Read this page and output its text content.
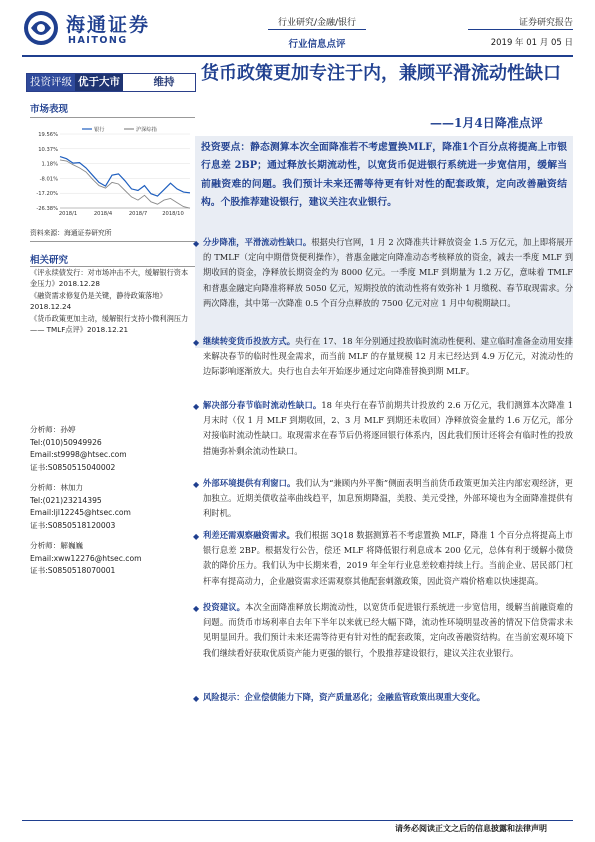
海通证券
HAITONG
行业研究/金融/银行
行业信息点评
证券研究报告
2019 年 01 月 05 日
投资评级 优于大市	维持
市场表现
19.56%
10.37%
1.18%
-8.01%
-17.20%
-26.38%
2018/1	2018/4	2018/7	2018/10
银行	沪深综指
资料来源：海通证券研究所
相关研究
《评永续债发行：对市场冲击不大，缓解银行资本金压力》2018.12.28
《融资需求修复仍是关键，静待政策落地》2018.12.24
《货币政策更加主动，缓解银行支持小微利润压力—— TMLF点评》2018.12.21
分析师：孙婷
Tel:(010)50949926
Email:st9998@htsec.com
证书:S0850515040002
分析师：林加力
Tel:(021)23214395
Email:ljl12245@htsec.com
证书:S0850518120003
分析师：解巍巍
Email:xww12276@htsec.com
证书:S0850518070001
货币政策更加专注于内，兼顾平滑流动性缺口
——1月4日降准点评

投资要点：静态测算本次全面降准若不考虑置换MLF，降准1个百分点将提高上市银行息差 2BP；通过释放长期流动性，以宽货币促进银行系统进一步宽信用，缓解当前融资难的问题。我们预计未来还需等待更有针对性的配套政策，定向改善融资结构。个股推荐建设银行，建议关注农业银行。

◆ 分步降准，平滑流动性缺口。根据央行官网，1 月 2 次降准共计释放资金 1.5 万亿元，加上即将展开的 TMLF（定向中期借贷便利操作），普惠金融定向降准动态考核释放的资金，减去一季度 MLF 到期收回的资金，净释放长期资金约为 8000 亿元。一季度 MLF 到期量为 1.2 万亿，意味着 TMLF 和普惠金融定向降准将释放 5050 亿元，短期投放的流动性将有效弥补 1 月缴税、春节取现需求。分两次降准，其中第一次降准 0.5 个百分点释放的 7500 亿元对应 1 月中旬税期缺口。
◆ 继续转变货币投放方式。央行在 17、18 年分别通过投放临时流动性便利、建立临时准备金动用安排来解决春节的临时性现金需求，而当前 MLF 的存量规模 12 月末已经达到 4.9 万亿元，对流动性的边际影响逐渐放大。央行也自去年开始逐步通过定向降准替换到期 MLF。
◆ 解决部分春节临时流动性缺口。18 年央行在春节前期共计投放约 2.6 万亿元，我们测算本次降准 1 月末时（仅 1 月 MLF 到期收回，2、3 月 MLF 到期还未收回）净释放资金量约 1.6 万亿元，部分对接临时流动性缺口。取现需求在春节后仍将逐回银行体系内，因此我们预计还将会有临时性的投放措施弥补剩余流动性缺口。
◆ 外部环境提供有利窗口。我们认为“兼顾内外平衡”侧面表明当前货币政策更加关注内部宏观经济，更加独立。近期美债收益率曲线趋平，加息预期降温，美股、美元受挫，外部环境也为全面降准提供有利时机。
◆ 利差还需观察融资需求。我们根据 3Q18 数据测算若不考虑置换 MLF，降准 1 个百分点将提高上市银行息差 2BP。根据发行公告，偿还 MLF 将降低银行利息成本 200 亿元，总体有利于缓解小微贷款的降价压力。我们认为中长期来看，2019 年全年行业息差较难持续上行。当前企业、居民部门杠杆率有提高动力，企业融资需求还需观察其他配套刺激政策，因此资产端价格难以快速提高。
◆ 投资建议。本次全面降准释放长期流动性，以宽货币促进银行系统进一步宽信用，缓解当前融资难的问题。而货币市场利率自去年下半年以来就已经大幅下降，流动性环境明显改善的情况下信贷需求未见明显回升。我们预计未来还需等待更有针对性的配套政策，定向改善融资结构。在当前宏观环境下我们继续看好获取优质资产能力更强的银行，个股推荐建设银行，建议关注农业银行。
◆ 风险提示：企业偿债能力下降，资产质量恶化；金融监管政策出现重大变化。
请务必阅读正文之后的信息披露和法律声明
